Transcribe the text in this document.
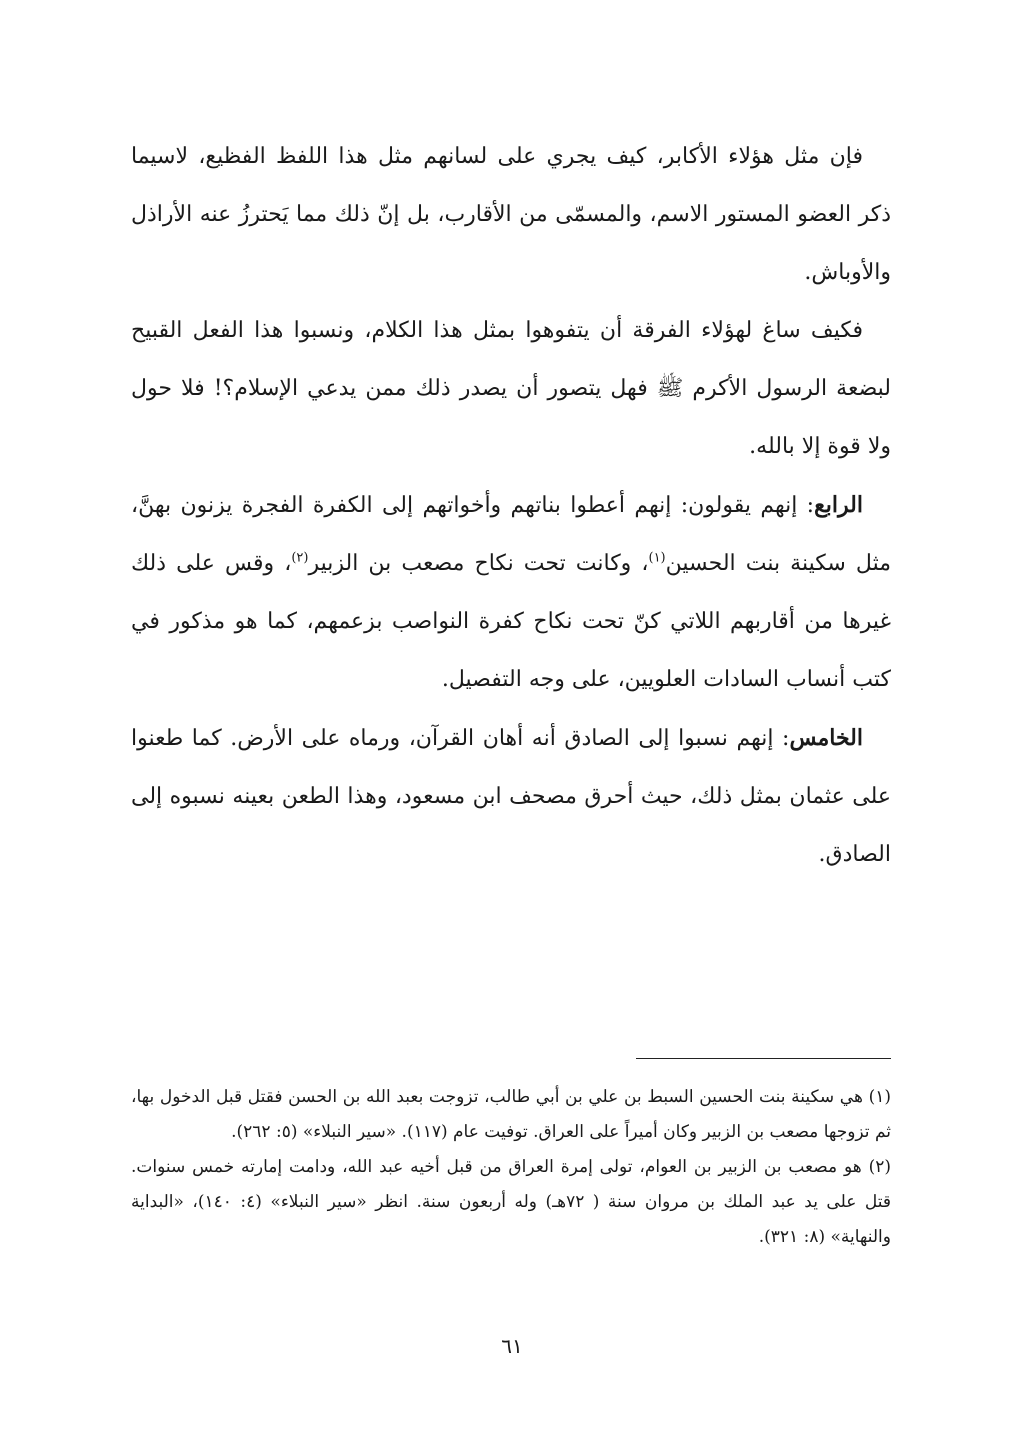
فإن مثل هؤلاء الأكابر، كيف يجري على لسانهم مثل هذا اللفظ الفظيع، لاسيما ذكر العضو المستور الاسم، والمسمّى من الأقارب، بل إنّ ذلك مما يَحترزُ عنه الأراذل والأوباش.

فكيف ساغ لهؤلاء الفرقة أن يتفوهوا بمثل هذا الكلام، ونسبوا هذا الفعل القبيح لبضعة الرسول الأكرم ﷺ فهل يتصور أن يصدر ذلك ممن يدعي الإسلام؟! فلا حول ولا قوة إلا بالله.

الرابع: إنهم يقولون: إنهم أعطوا بناتهم وأخواتهم إلى الكفرة الفجرة يزنون بهنَّ، مثل سكينة بنت الحسين$^{(١)}$، وكانت تحت نكاح مصعب بن الزبير$^{(٢)}$، وقس على ذلك غيرها من أقاربهم اللاتي كنّ تحت نكاح كفرة النواصب بزعمهم، كما هو مذكور في كتب أنساب السادات العلويين، على وجه التفصيل.

الخامس: إنهم نسبوا إلى الصادق أنه أهان القرآن، ورماه على الأرض. كما طعنوا على عثمان بمثل ذلك، حيث أحرق مصحف ابن مسعود، وهذا الطعن بعينه نسبوه إلى الصادق.

(١) هي سكينة بنت الحسين السبط بن علي بن أبي طالب، تزوجت بعبد الله بن الحسن فقتل قبل الدخول بها، ثم تزوجها مصعب بن الزبير وكان أميراً على العراق. توفيت عام (١١٧). «سير النبلاء» (٥: ٢٦٢).

(٢) هو مصعب بن الزبير بن العوام، تولى إمرة العراق من قبل أخيه عبد الله، ودامت إمارته خمس سنوات. قتل على يد عبد الملك بن مروان سنة ( ٧٢هـ) وله أربعون سنة. انظر «سير النبلاء» (٤: ١٤٠)، «البداية والنهاية» (٨: ٣٢١).

٦١
